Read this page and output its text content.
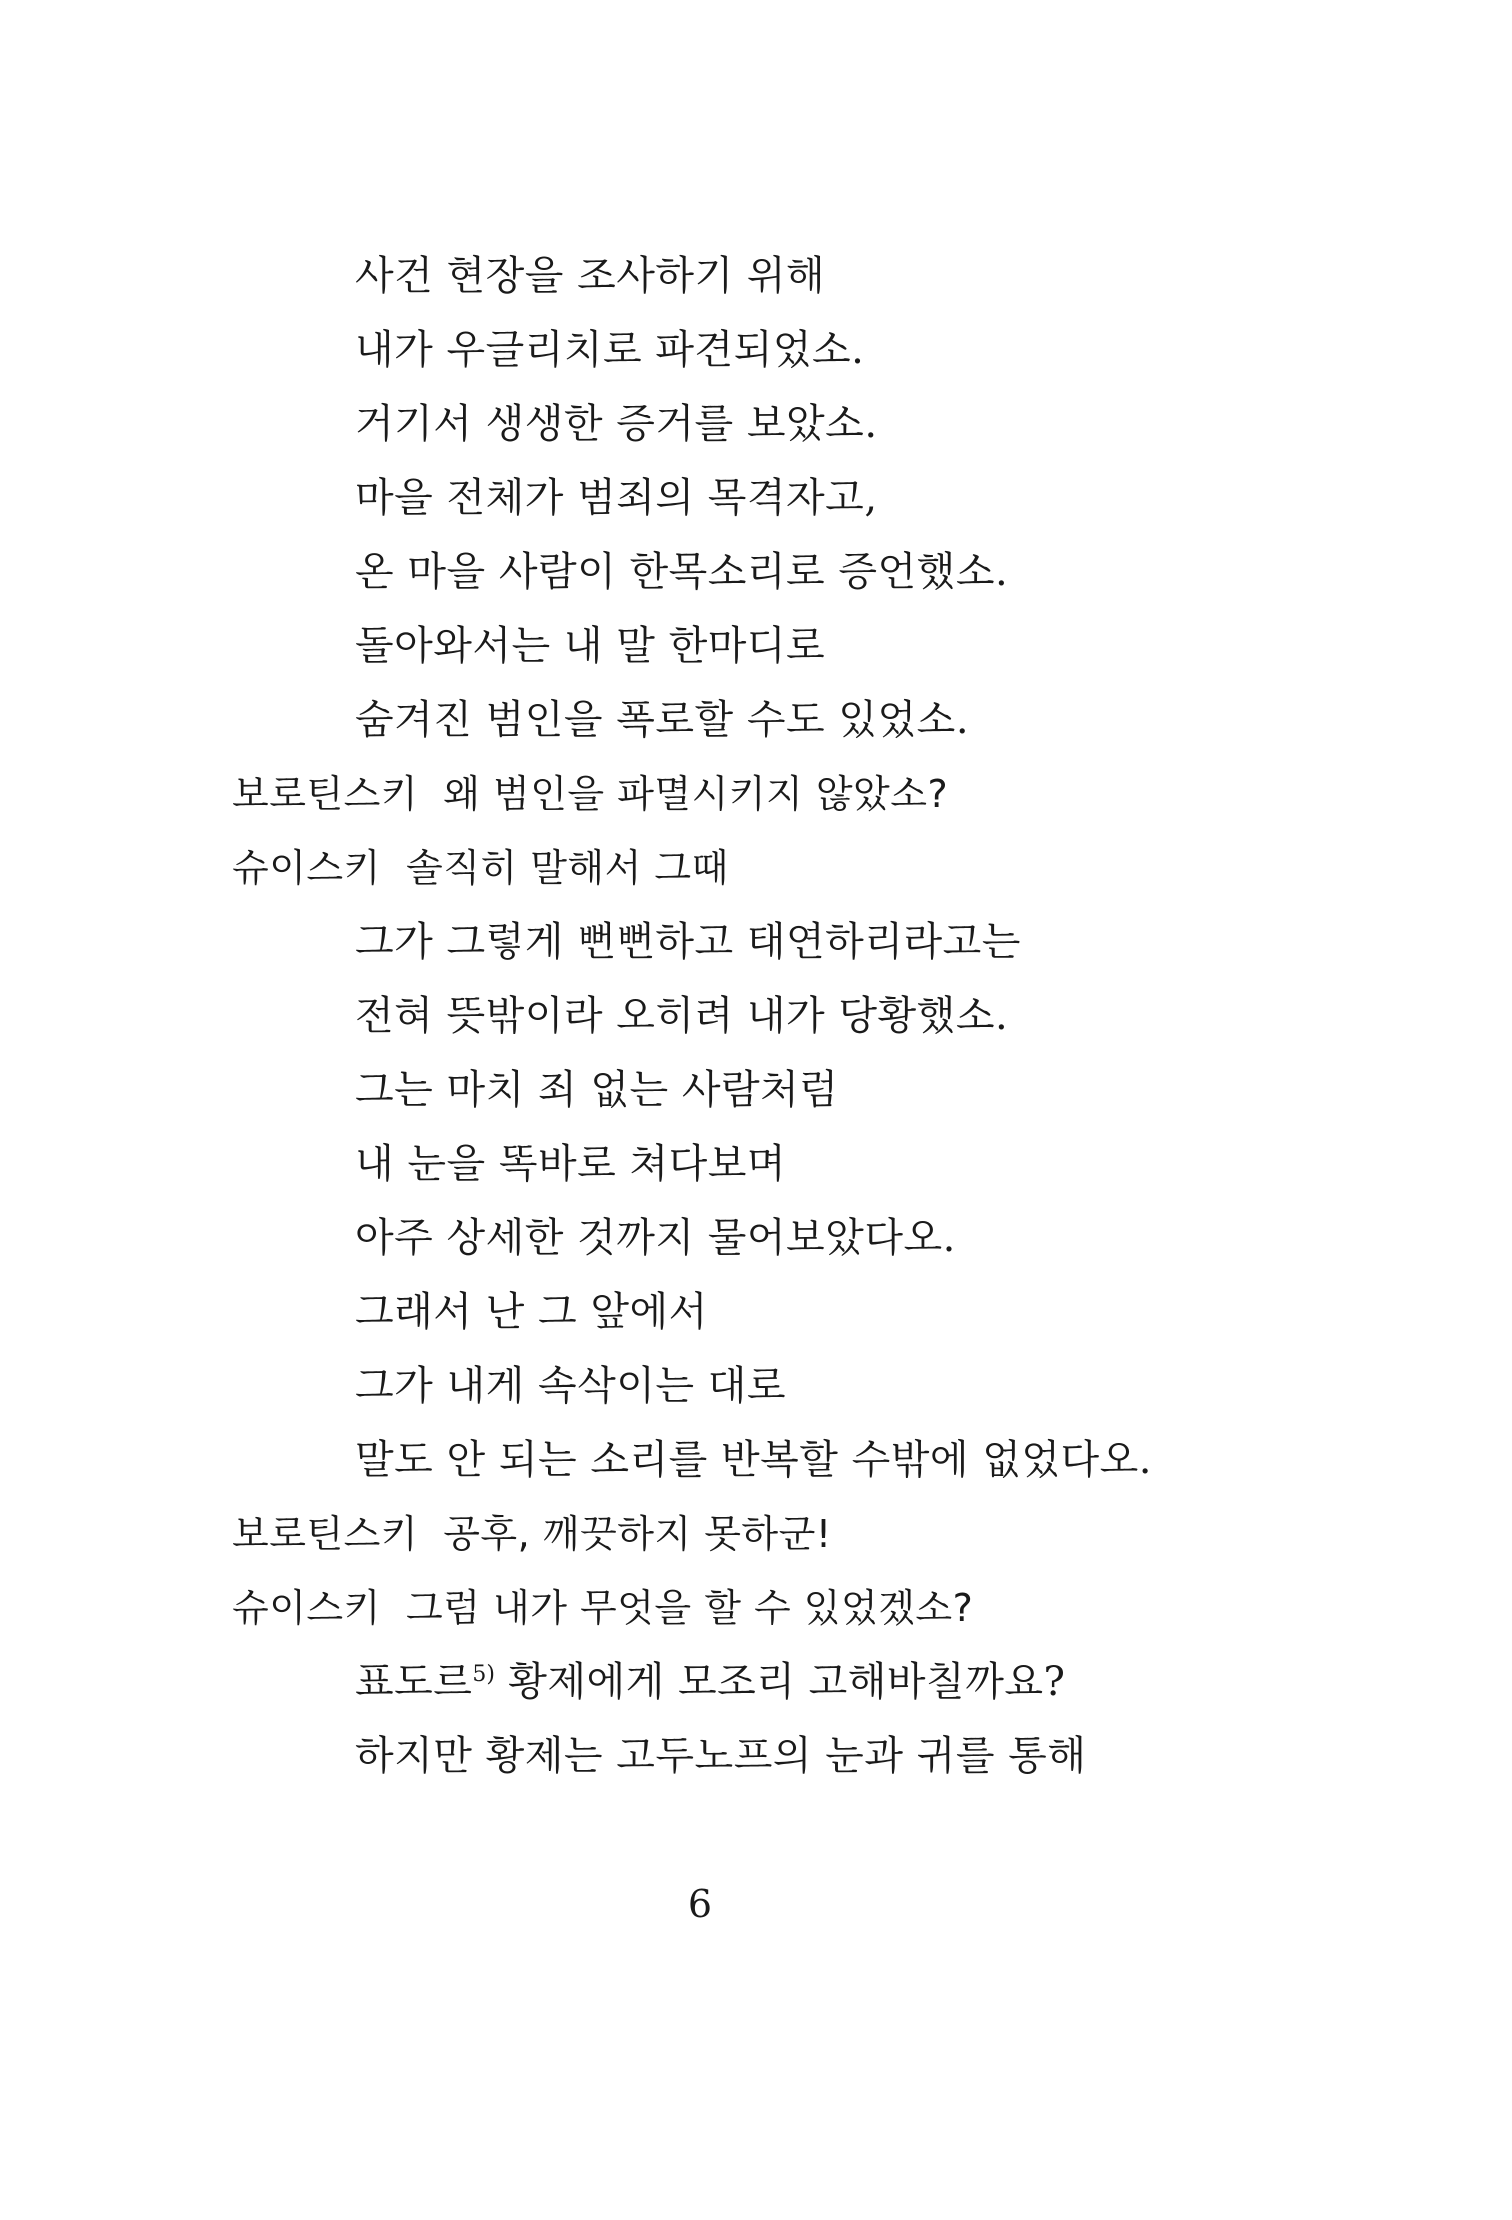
사건 현장을 조사하기 위해
내가 우글리치로 파견되었소.
거기서 생생한 증거를 보았소.
마을 전체가 범죄의 목격자고,
온 마을 사람이 한목소리로 증언했소.
돌아와서는 내 말 한마디로
숨겨진 범인을 폭로할 수도 있었소.
보로틴스키 왜 범인을 파멸시키지 않았소?
슈이스키 솔직히 말해서 그때
그가 그렇게 뻔뻔하고 태연하리라고는
전혀 뜻밖이라 오히려 내가 당황했소.
그는 마치 죄 없는 사람처럼
내 눈을 똑바로 쳐다보며
아주 상세한 것까지 물어보았다오.
그래서 난 그 앞에서
그가 내게 속삭이는 대로
말도 안 되는 소리를 반복할 수밖에 없었다오.
보로틴스키 공후, 깨끗하지 못하군!
슈이스키 그럼 내가 무엇을 할 수 있었겠소?
표도르$^{5)}$ 황제에게 모조리 고해바칠까요?
하지만 황제는 고두노프의 눈과 귀를 통해
6
